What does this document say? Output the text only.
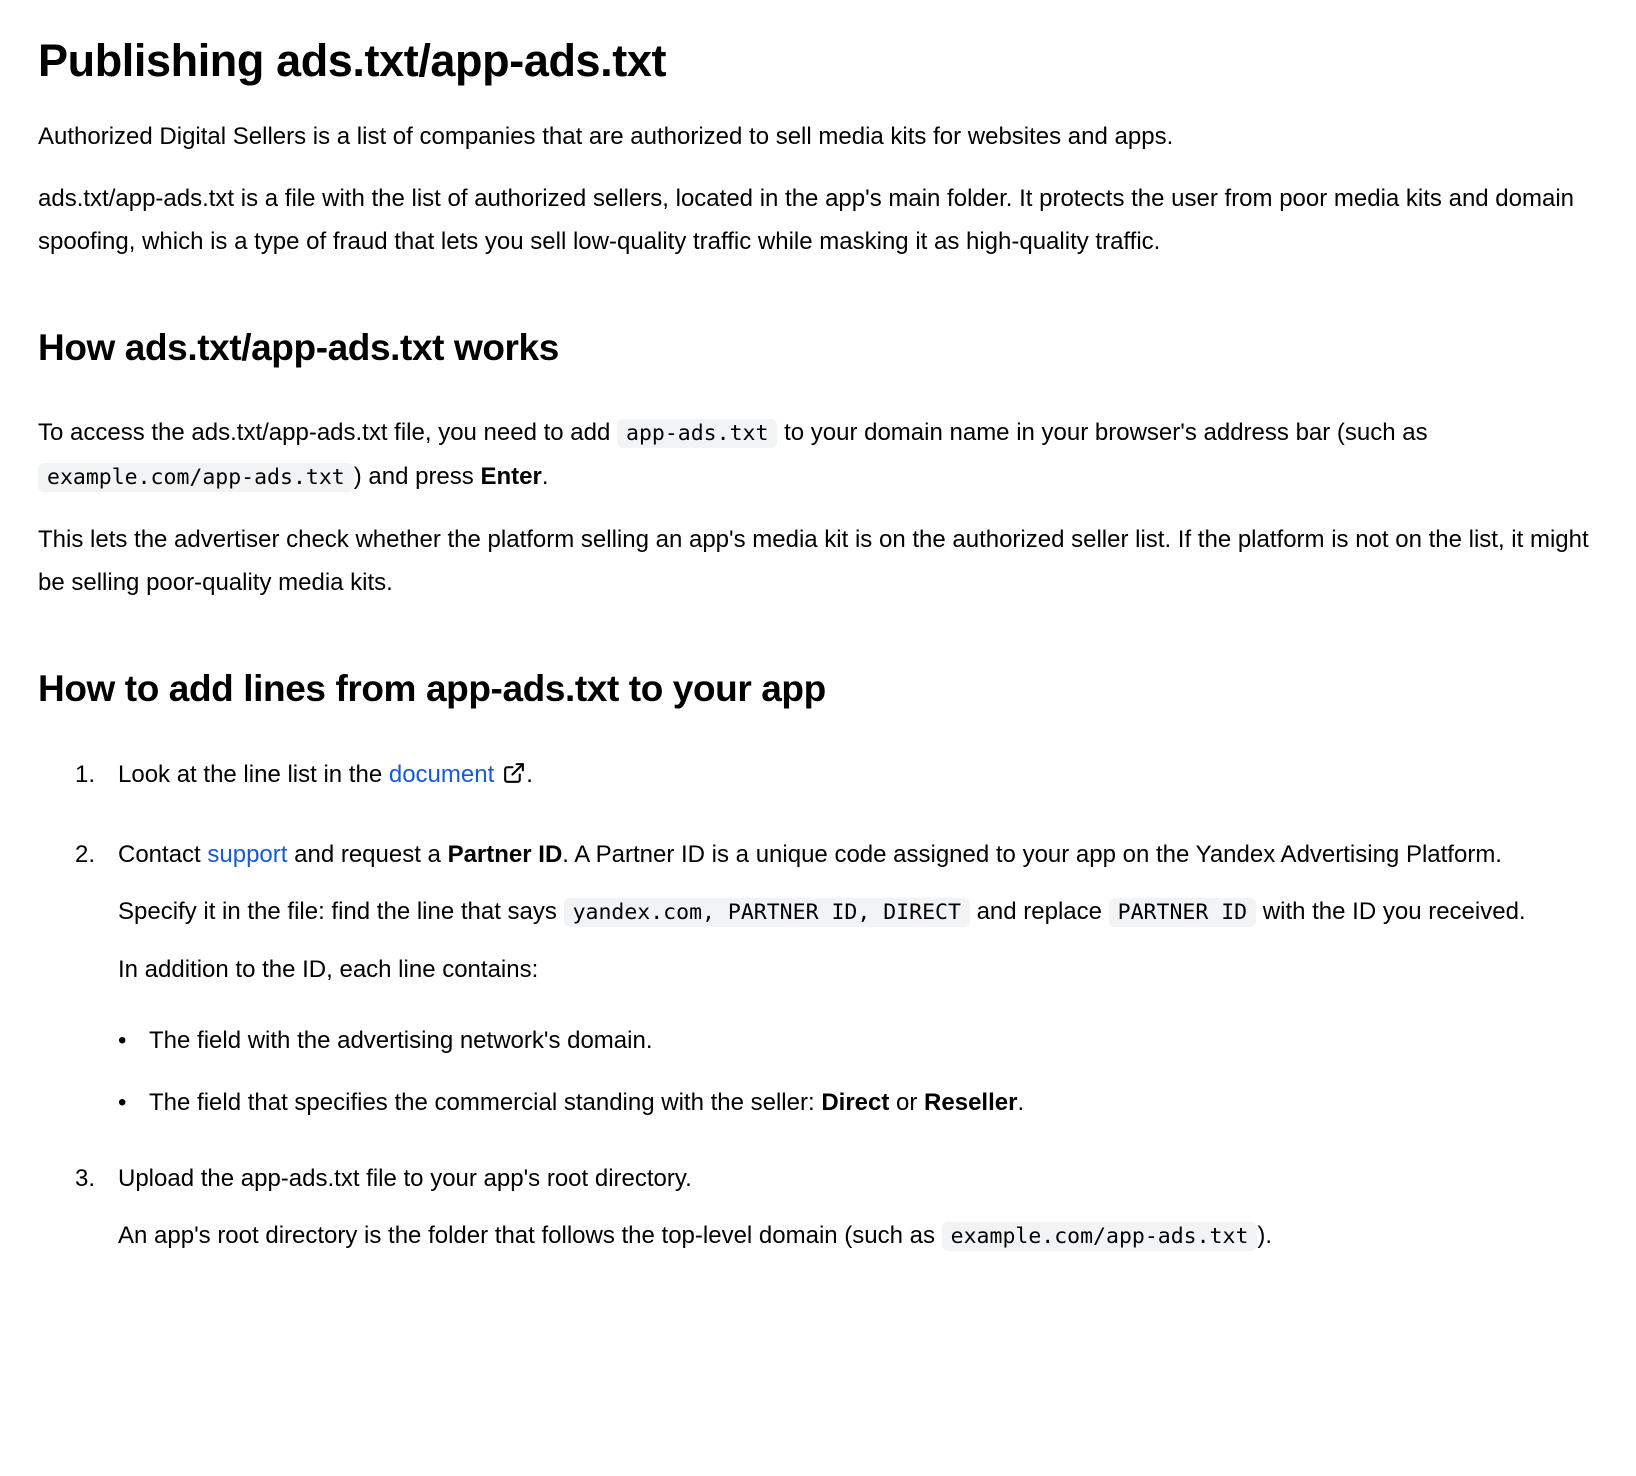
Publishing ads.txt/app-ads.txt

Authorized Digital Sellers is a list of companies that are authorized to sell media kits for websites and apps.

ads.txt/app-ads.txt is a file with the list of authorized sellers, located in the app's main folder. It protects the user from poor media kits and domain spoofing, which is a type of fraud that lets you sell low-quality traffic while masking it as high-quality traffic.

How ads.txt/app-ads.txt works

To access the ads.txt/app-ads.txt file, you need to add app-ads.txt to your domain name in your browser's address bar (such as example.com/app-ads.txt ) and press Enter.

This lets the advertiser check whether the platform selling an app's media kit is on the authorized seller list. If the platform is not on the list, it might be selling poor-quality media kits.

How to add lines from app-ads.txt to your app
1. Look at the line list in the document .

2. Contact support and request a Partner ID. A Partner ID is a unique code assigned to your app on the Yandex Advertising Platform.

Specify it in the file: find the line that says yandex.com, PARTNER ID, DIRECT and replace PARTNER ID with the ID you received.

In addition to the ID, each line contains:

• The field with the advertising network's domain.
• The field that specifies the commercial standing with the seller: Direct or Reseller.
3. Upload the app-ads.txt file to your app's root directory.

An app's root directory is the folder that follows the top-level domain (such as example.com/app-ads.txt ).
